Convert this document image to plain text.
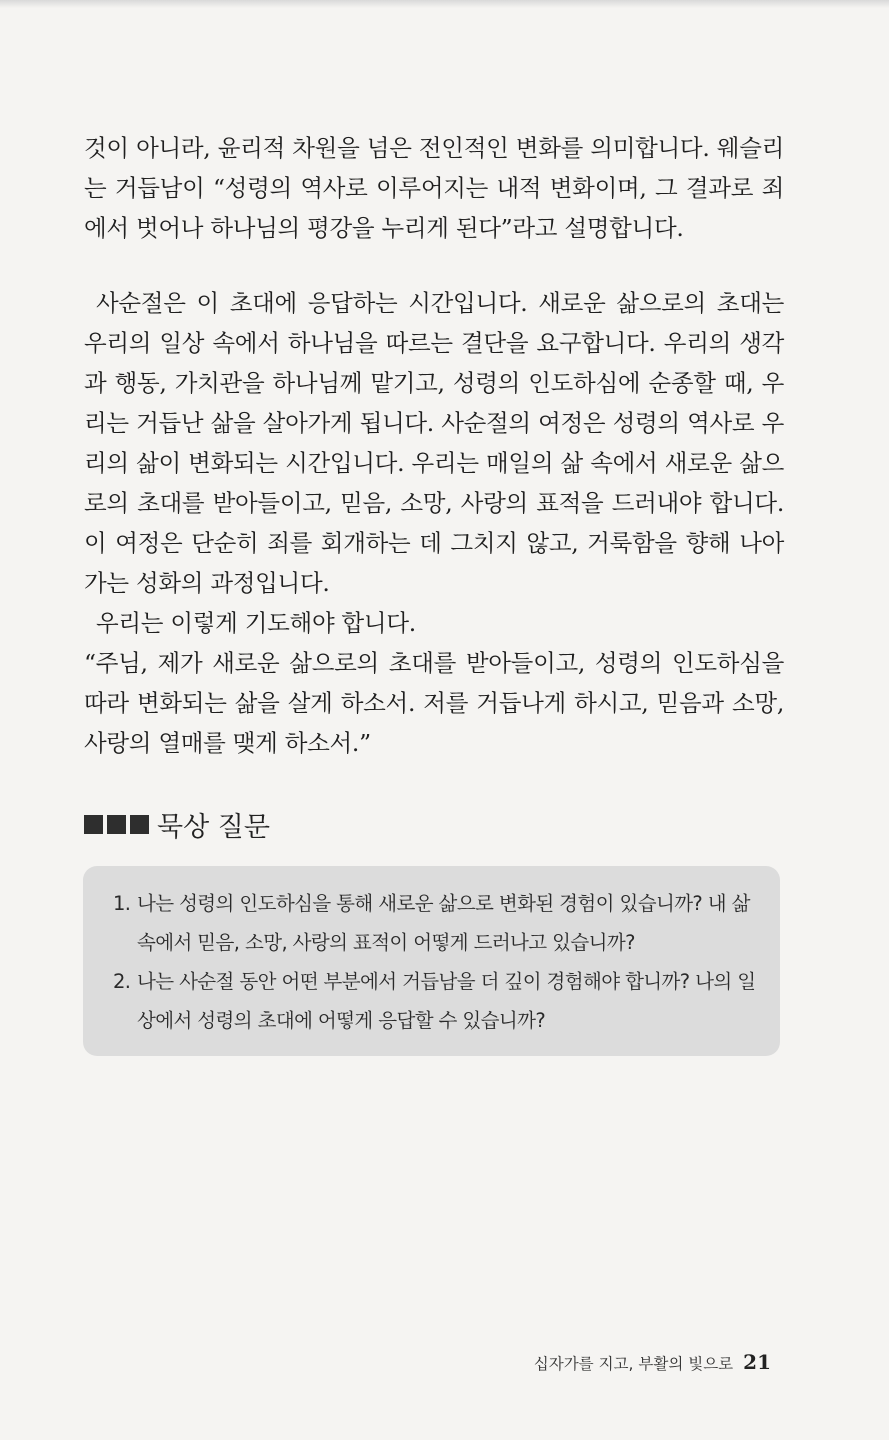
것이 아니라, 윤리적 차원을 넘은 전인적인 변화를 의미합니다. 웨슬리는 거듭남이 “성령의 역사로 이루어지는 내적 변화이며, 그 결과로 죄에서 벗어나 하나님의 평강을 누리게 된다”라고 설명합니다.

사순절은 이 초대에 응답하는 시간입니다. 새로운 삶으로의 초대는 우리의 일상 속에서 하나님을 따르는 결단을 요구합니다. 우리의 생각과 행동, 가치관을 하나님께 맡기고, 성령의 인도하심에 순종할 때, 우리는 거듭난 삶을 살아가게 됩니다. 사순절의 여정은 성령의 역사로 우리의 삶이 변화되는 시간입니다. 우리는 매일의 삶 속에서 새로운 삶으로의 초대를 받아들이고, 믿음, 소망, 사랑의 표적을 드러내야 합니다. 이 여정은 단순히 죄를 회개하는 데 그치지 않고, 거룩함을 향해 나아가는 성화의 과정입니다.

우리는 이렇게 기도해야 합니다.

“주님, 제가 새로운 삶으로의 초대를 받아들이고, 성령의 인도하심을 따라 변화되는 삶을 살게 하소서. 저를 거듭나게 하시고, 믿음과 소망, 사랑의 열매를 맺게 하소서.”

묵상 질문
1. 나는 성령의 인도하심을 통해 새로운 삶으로 변화된 경험이 있습니까? 내 삶 속에서 믿음, 소망, 사랑의 표적이 어떻게 드러나고 있습니까?
2. 나는 사순절 동안 어떤 부분에서 거듭남을 더 깊이 경험해야 합니까? 나의 일상에서 성령의 초대에 어떻게 응답할 수 있습니까?
십자가를 지고, 부활의 빛으로 21
